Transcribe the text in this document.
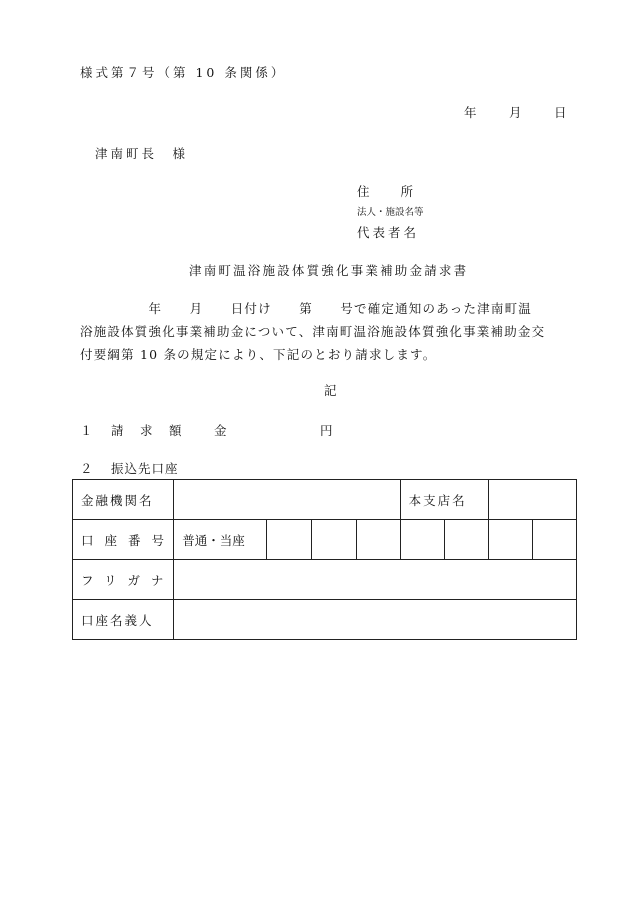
様式第７号（第 10 条関係）
年	月	日
津南町長　様
住　　所
法人・施設名等
代表者名
津南町温浴施設体質強化事業補助金請求書
　　　　　年　　月　　日付け　　第　　号で確定通知のあった津南町温
浴施設体質強化事業補助金について、津南町温浴施設体質強化事業補助金交
付要綱第 10 条の規定により、下記のとおり請求します。
記
１ 請　求　額 金	円
２ 振込先口座
金融機関名					本支店名			
口座番号	普通・当座							
フリガナ								
口座名義人								
